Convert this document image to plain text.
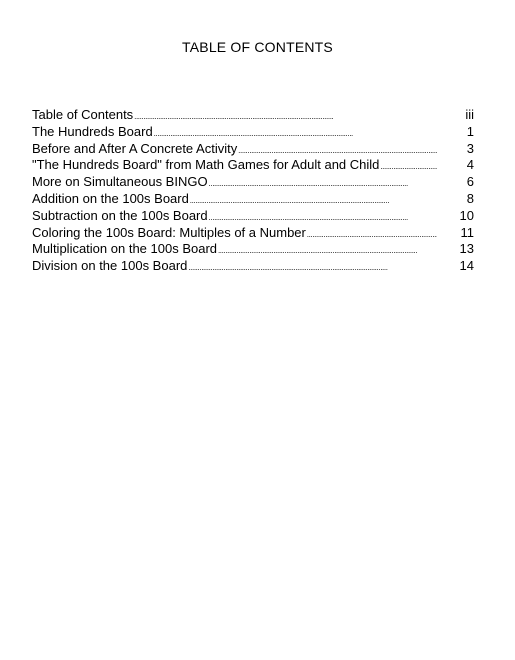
TABLE OF CONTENTS
Table of Contents . . .	iii
The Hundreds Board . . .	1
Before and After A Concrete Activity . . .	3
"The Hundreds Board" from Math Games for Adult and Child . . .	4
More on Simultaneous BINGO . . .	6
Addition on the 100s Board . . .	8
Subtraction on the 100s Board . . .	10
Coloring the 100s Board: Multiples of a Number . . .	11
Multiplication on the 100s Board . . .	13
Division on the 100s Board . . .	14
